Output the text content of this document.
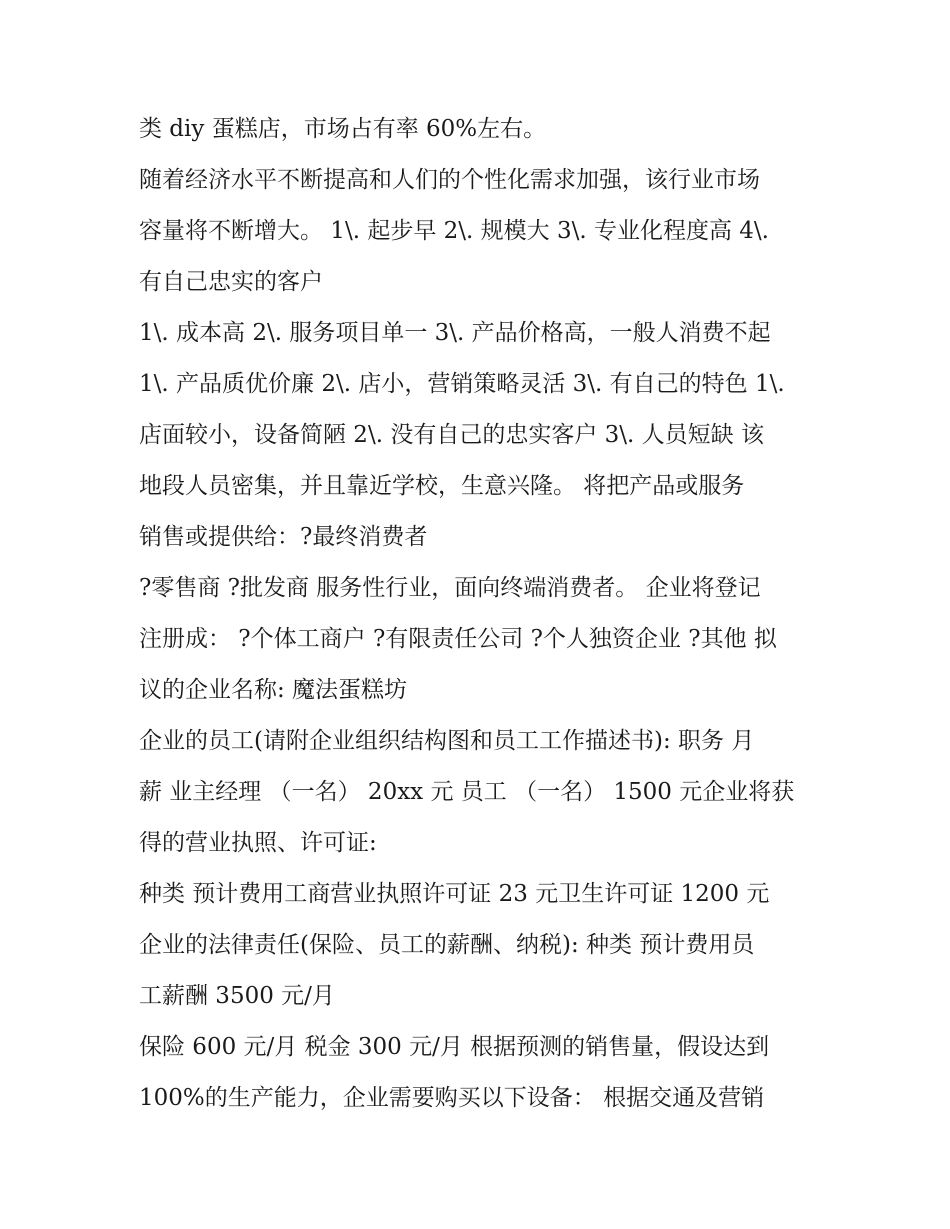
类 diy 蛋糕店，市场占有率 60%左右。
随着经济水平不断提高和人们的个性化需求加强，该行业市场
容量将不断增大。 1\. 起步早 2\. 规模大 3\. 专业化程度高 4\.
有自己忠实的客户
1\. 成本高 2\. 服务项目单一 3\. 产品价格高，一般人消费不起
1\. 产品质优价廉 2\. 店小，营销策略灵活 3\. 有自己的特色 1\.
店面较小，设备简陋 2\. 没有自己的忠实客户 3\. 人员短缺 该
地段人员密集，并且靠近学校，生意兴隆。 将把产品或服务
销售或提供给：?最终消费者
?零售商 ?批发商 服务性行业，面向终端消费者。 企业将登记
注册成： ?个体工商户 ?有限责任公司 ?个人独资企业 ?其他 拟
议的企业名称: 魔法蛋糕坊
企业的员工(请附企业组织结构图和员工工作描述书): 职务 月
薪 业主经理 （一名） 20xx 元 员工 （一名） 1500 元企业将获
得的营业执照、许可证:
种类 预计费用工商营业执照许可证 23 元卫生许可证 1200 元
企业的法律责任(保险、员工的薪酬、纳税): 种类 预计费用员
工薪酬 3500 元/月
保险 600 元/月 税金 300 元/月 根据预测的销售量，假设达到
100%的生产能力，企业需要购买以下设备： 根据交通及营销
